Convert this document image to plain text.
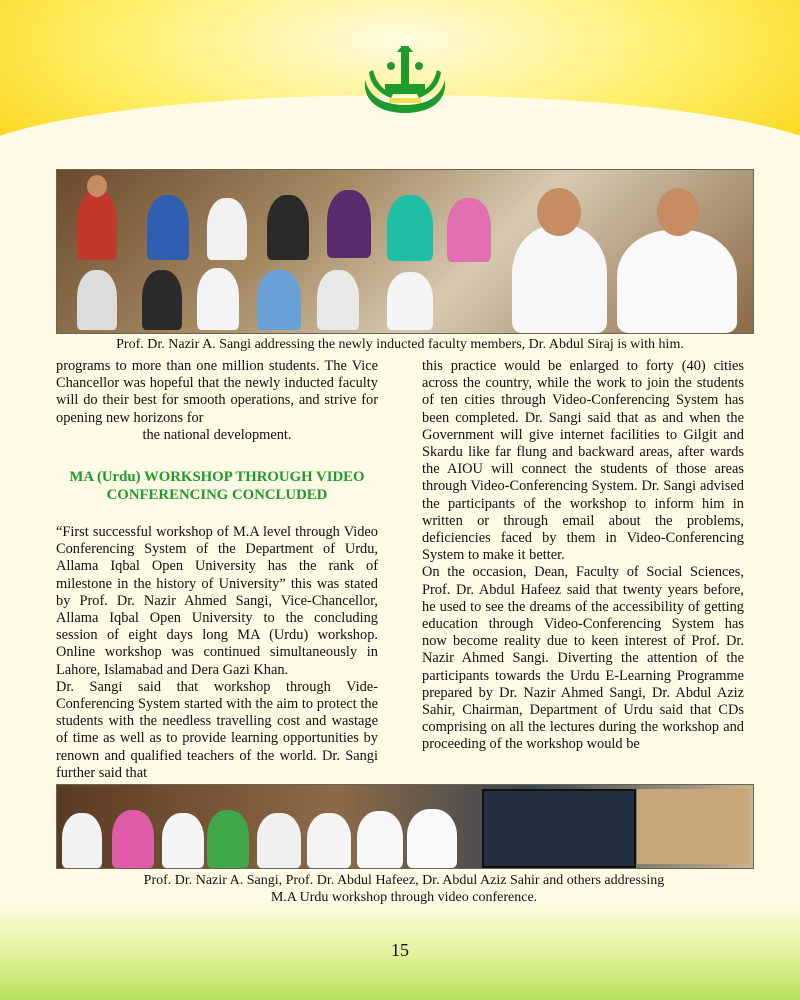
Prof. Dr. Nazir A. Sangi addressing the newly inducted faculty members, Dr. Abdul Siraj is with him.

programs to more than one million students. The Vice Chancellor was hopeful that the newly inducted faculty will do their best for smooth operations, and strive for opening new horizons for

the national development.

MA (Urdu) WORKSHOP THROUGH VIDEO CONFERENCING CONCLUDED

“First successful workshop of M.A level through Video Conferencing System of the Department of Urdu, Allama Iqbal Open University has the rank of milestone in the history of University” this was stated by Prof. Dr. Nazir Ahmed Sangi, Vice-Chancellor, Allama Iqbal Open University to the concluding session of eight days long MA (Urdu) workshop. Online workshop was continued simultaneously in Lahore, Islamabad and Dera Gazi Khan.

Dr. Sangi said that workshop through Vide-Conferencing System started with the aim to protect the students with the needless travelling cost and wastage of time as well as to provide learning opportunities by renown and qualified teachers of the world. Dr. Sangi further said that

this practice would be enlarged to forty (40) cities across the country, while the work to join the students of ten cities through Video-Conferencing System has been completed. Dr. Sangi said that as and when the Government will give internet facilities to Gilgit and Skardu like far flung and backward areas, after wards the AIOU will connect the students of those areas through Video-Conferencing System. Dr. Sangi advised the participants of the workshop to inform him in written or through email about the problems, deficiencies faced by them in Video-Conferencing System to make it better.

On the occasion, Dean, Faculty of Social Sciences, Prof. Dr. Abdul Hafeez said that twenty years before, he used to see the dreams of the accessibility of getting education through Video-Conferencing System has now become reality due to keen interest of Prof. Dr. Nazir Ahmed Sangi. Diverting the attention of the participants towards the Urdu E-Learning Programme prepared by Dr. Nazir Ahmed Sangi, Dr. Abdul Aziz Sahir, Chairman, Department of Urdu said that CDs comprising on all the lectures during the workshop and proceeding of the workshop would be

Prof. Dr. Nazir A. Sangi, Prof. Dr. Abdul Hafeez, Dr. Abdul Aziz Sahir and others addressing
M.A Urdu workshop through video conference.
15
